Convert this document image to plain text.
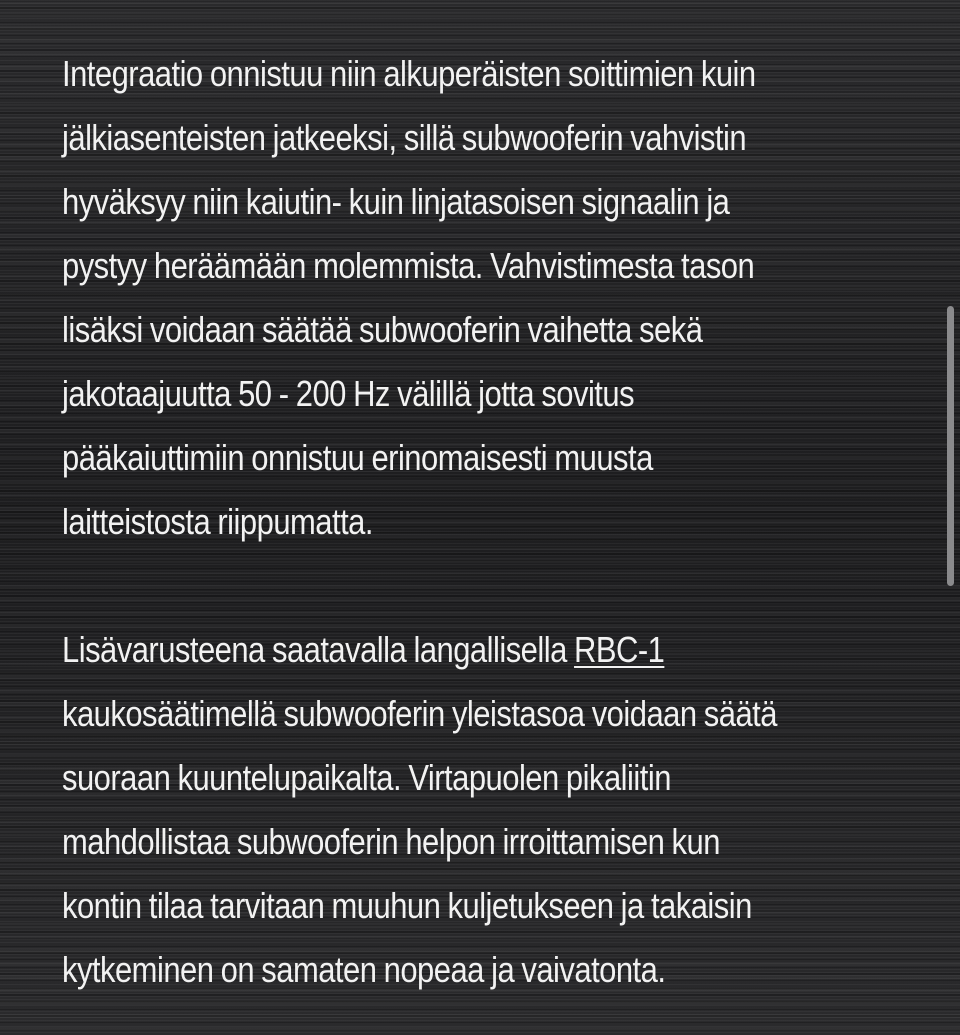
Integraatio onnistuu niin alkuperäisten soittimien kuin
jälkiasenteisten jatkeeksi, sillä subwooferin vahvistin
hyväksyy niin kaiutin- kuin linjatasoisen signaalin ja
pystyy heräämään molemmista. Vahvistimesta tason
lisäksi voidaan säätää subwooferin vaihetta sekä
jakotaajuutta 50 - 200 Hz välillä jotta sovitus
pääkaiuttimiin onnistuu erinomaisesti muusta
laitteistosta riippumatta.

Lisävarusteena saatavalla langallisella RBC-1
kaukosäätimellä subwooferin yleistasoa voidaan säätä
suoraan kuuntelupaikalta. Virtapuolen pikaliitin
mahdollistaa subwooferin helpon irroittamisen kun
kontin tilaa tarvitaan muuhun kuljetukseen ja takaisin
kytkeminen on samaten nopeaa ja vaivatonta.
